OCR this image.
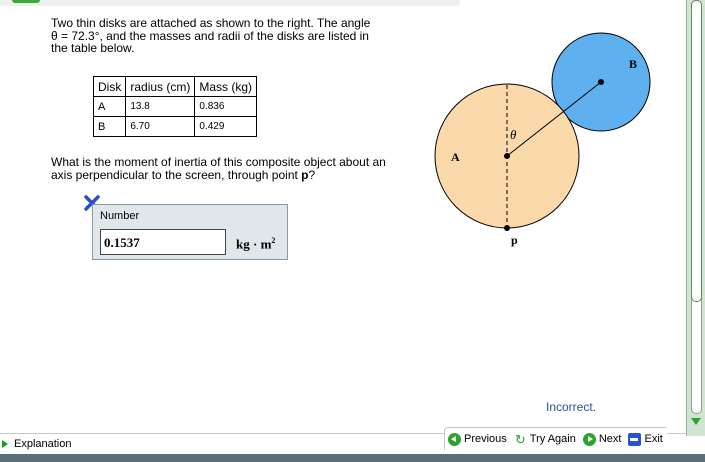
Two thin disks are attached as shown to the right. The angle
θ = 72.3°, and the masses and radii of the disks are listed in
the table below.
Disk	radius (cm)	Mass (kg)
A	13.8	0.836
B	6.70	0.429
What is the moment of inertia of this composite object about an
axis perpendicular to the screen, through point p?
Number
0.1537	kg · $m^2$
A
B
θ
p
Incorrect.
Explanation	Previous ↻ Try Again Next Exit
